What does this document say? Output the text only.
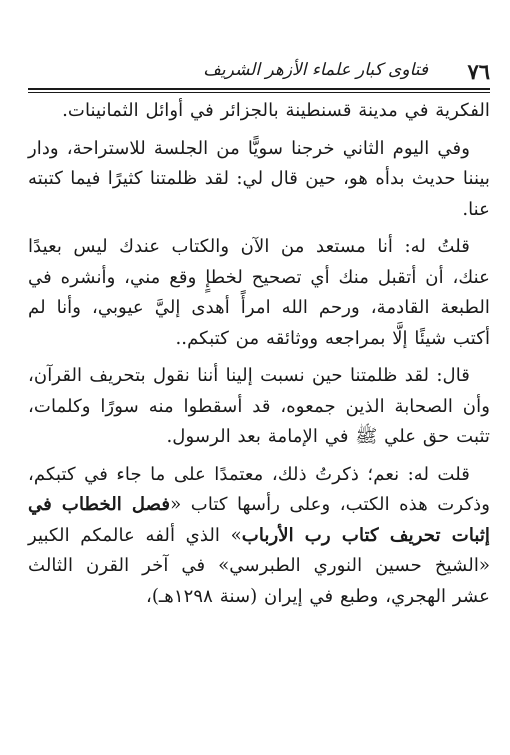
٧٦
فتاوى كبار علماء الأزهر الشريف

الفكرية في مدينة قسنطينة بالجزائر في أوائل الثمانينات.

وفي اليوم الثاني خرجنا سويًّا من الجلسة للاستراحة، ودار بيننا حديث بدأه هو، حين قال لي: لقد ظلمتنا كثيرًا فيما كتبته عنا.

قلتُ له: أنا مستعد من الآن والكتاب عندك ليس بعيدًا عنك، أن أتقبل منك أي تصحيح لخطإٍ وقع مني، وأنشره في الطبعة القادمة، ورحم الله امرأً أهدى إليَّ عيوبي، وأنا لم أكتب شيئًا إلَّا بمراجعه ووثائقه من كتبكم..

قال: لقد ظلمتنا حين نسبت إلينا أننا نقول بتحريف القرآن، وأن الصحابة الذين جمعوه، قد أسقطوا منه سورًا وكلمات، تثبت حق علي ﷺ في الإمامة بعد الرسول.

قلت له: نعم؛ ذكرتُ ذلك، معتمدًا على ما جاء في كتبكم، وذكرت هذه الكتب، وعلى رأسها كتاب «فصل الخطاب في إثبات تحريف كتاب رب الأرباب» الذي ألفه عالمكم الكبير «الشيخ حسين النوري الطبرسي» في آخر القرن الثالث عشر الهجري، وطبع في إيران (سنة ١٢٩٨هـ)،
